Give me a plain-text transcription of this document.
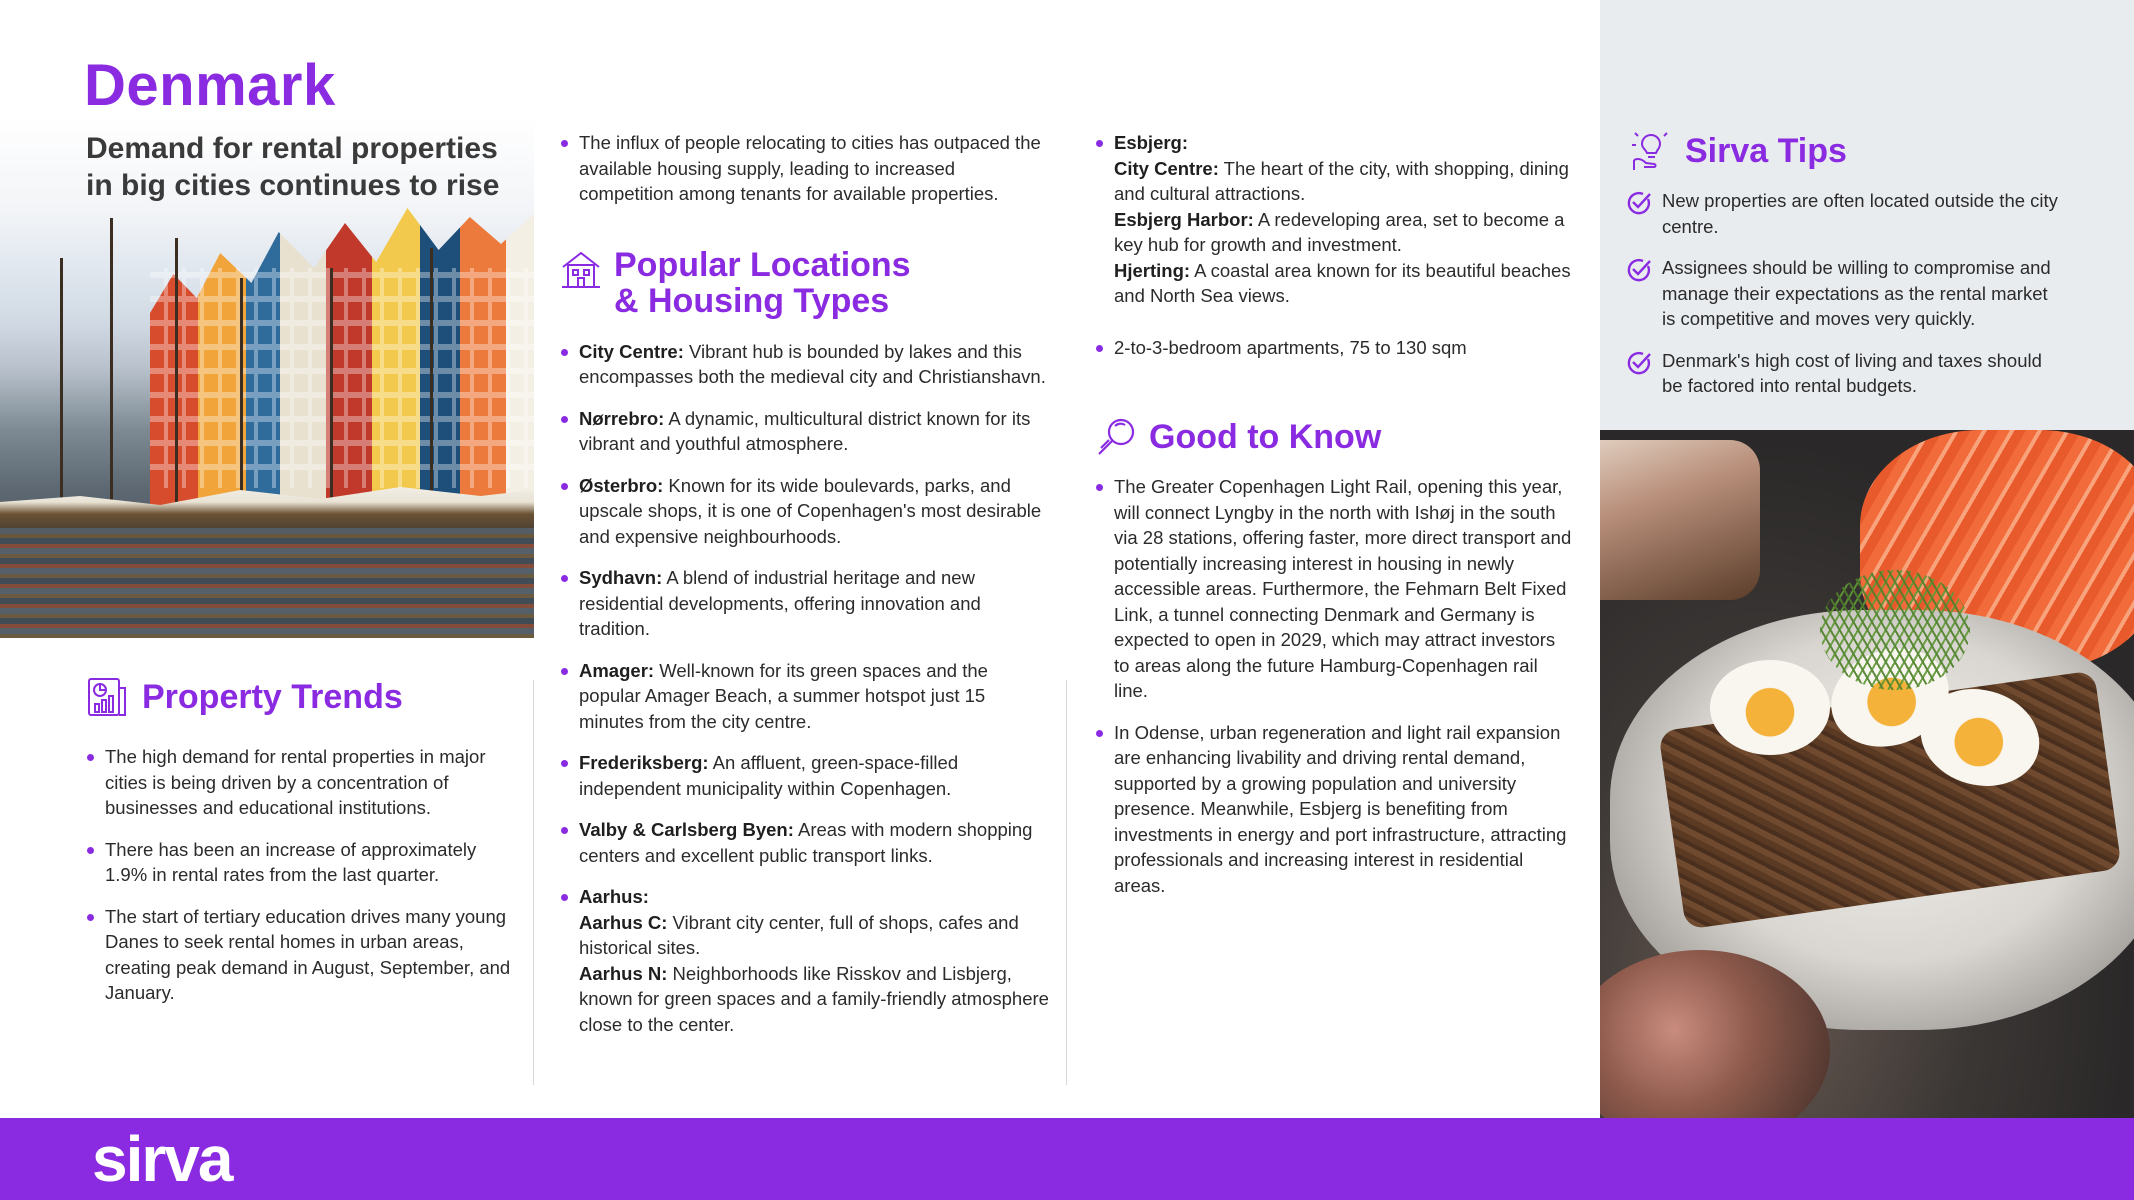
Denmark
Demand for rental properties in big cities continues to rise
Property Trends
The high demand for rental properties in major cities is being driven by a concentration of businesses and educational institutions.
There has been an increase of approximately 1.9% in rental rates from the last quarter.
The start of tertiary education drives many young Danes to seek rental homes in urban areas, creating peak demand in August, September, and January.
The influx of people relocating to cities has outpaced the available housing supply, leading to increased competition among tenants for available properties.
Popular Locations & Housing Types
City Centre: Vibrant hub is bounded by lakes and this encompasses both the medieval city and Christianshavn.
Nørrebro: A dynamic, multicultural district known for its vibrant and youthful atmosphere.
Østerbro: Known for its wide boulevards, parks, and upscale shops, it is one of Copenhagen's most desirable and expensive neighbourhoods.
Sydhavn: A blend of industrial heritage and new residential developments, offering innovation and tradition.
Amager: Well-known for its green spaces and the popular Amager Beach, a summer hotspot just 15 minutes from the city centre.
Frederiksberg: An affluent, green-space-filled independent municipality within Copenhagen.
Valby & Carlsberg Byen: Areas with modern shopping centers and excellent public transport links.
Aarhus:
Aarhus C: Vibrant city center, full of shops, cafes and historical sites.
Aarhus N: Neighborhoods like Risskov and Lisbjerg, known for green spaces and a family-friendly atmosphere close to the center.
Esbjerg:
City Centre: The heart of the city, with shopping, dining and cultural attractions.
Esbjerg Harbor: A redeveloping area, set to become a key hub for growth and investment.
Hjerting: A coastal area known for its beautiful beaches and North Sea views.
2-to-3-bedroom apartments, 75 to 130 sqm
Good to Know
The Greater Copenhagen Light Rail, opening this year, will connect Lyngby in the north with Ishøj in the south via 28 stations, offering faster, more direct transport and potentially increasing interest in housing in newly accessible areas. Furthermore, the Fehmarn Belt Fixed Link, a tunnel connecting Denmark and Germany is expected to open in 2029, which may attract investors to areas along the future Hamburg-Copenhagen rail line.
In Odense, urban regeneration and light rail expansion are enhancing livability and driving rental demand, supported by a growing population and university presence. Meanwhile, Esbjerg is benefiting from investments in energy and port infrastructure, attracting professionals and increasing interest in residential areas.
Sirva Tips
New properties are often located outside the city centre.
Assignees should be willing to compromise and manage their expectations as the rental market is competitive and moves very quickly.
Denmark's high cost of living and taxes should be factored into rental budgets.
sirva
